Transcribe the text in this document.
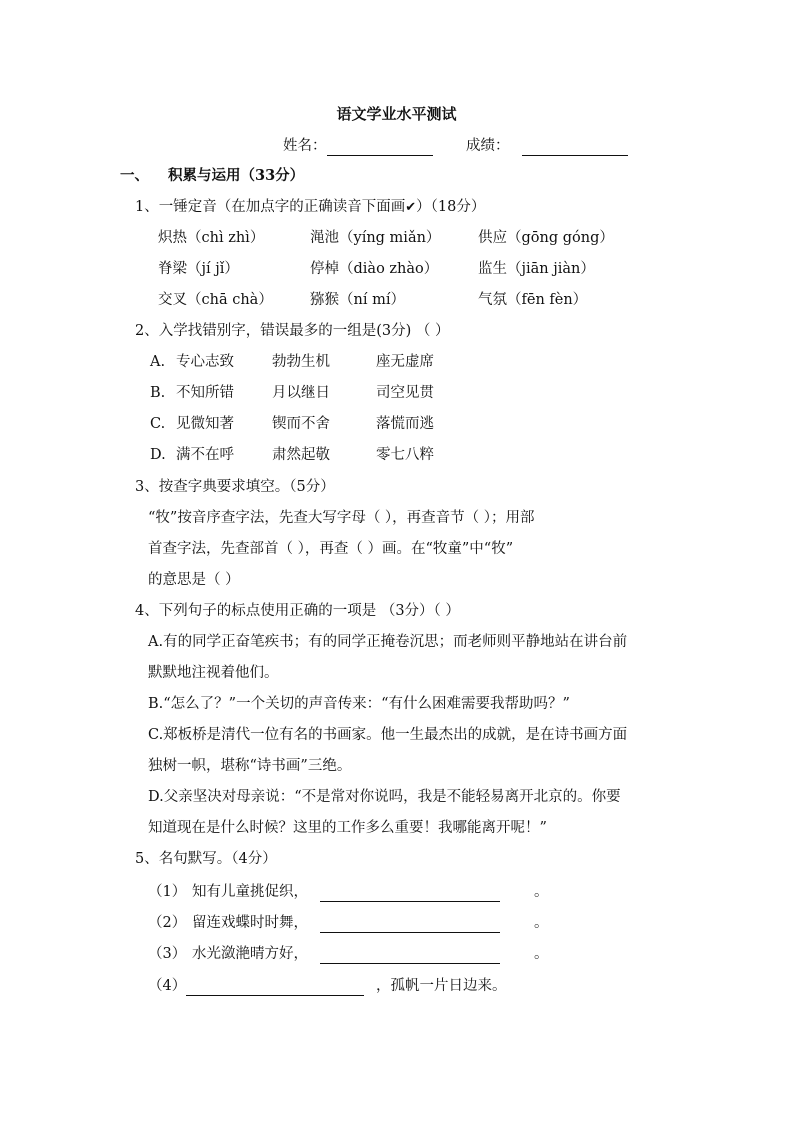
语文学业水平测试
姓名：	成绩：
一、 积累与运用（33分）
1、一锤定音（在加点字的正确读音下面画✔）（18分）
炽热（chì zhì）	渑池（yíng miǎn）	供应（gōng góng）
脊梁（jí jǐ）	停棹（diào zhào）	监生（jiān jiàn）
交叉（chā chà）	猕猴（ní mí）	气氛（fēn fèn）
2、入学找错别字，错误最多的一组是(3分) （ ）
A. 专心志致	勃勃生机	座无虚席
B. 不知所错	月以继日	司空见贯
C. 见微知著	锲而不舍	落慌而逃
D. 满不在呼	肃然起敬	零七八粹
3、按查字典要求填空。（5分）
“牧”按音序查字法，先查大写字母（ ），再查音节（ ）；用部
首查字法，先查部首（ ），再查（ ）画。在“牧童”中“牧”
的意思是（ ）
4、下列句子的标点使用正确的一项是 （3分）（ ）
A.有的同学正奋笔疾书；有的同学正掩卷沉思；而老师则平静地站在讲台前
默默地注视着他们。
B.“怎么了？”一个关切的声音传来：“有什么困难需要我帮助吗？”
C.郑板桥是清代一位有名的书画家。他一生最杰出的成就，是在诗书画方面
独树一帜，堪称“诗书画”三绝。
D.父亲坚决对母亲说：“不是常对你说吗，我是不能轻易离开北京的。你要
知道现在是什么时候？这里的工作多么重要！我哪能离开呢！”
5、名句默写。（4分）
（1） 知有儿童挑促织，	。
（2） 留连戏蝶时时舞，	。
（3） 水光潋滟晴方好，	。
（4）	，孤帆一片日边来。
